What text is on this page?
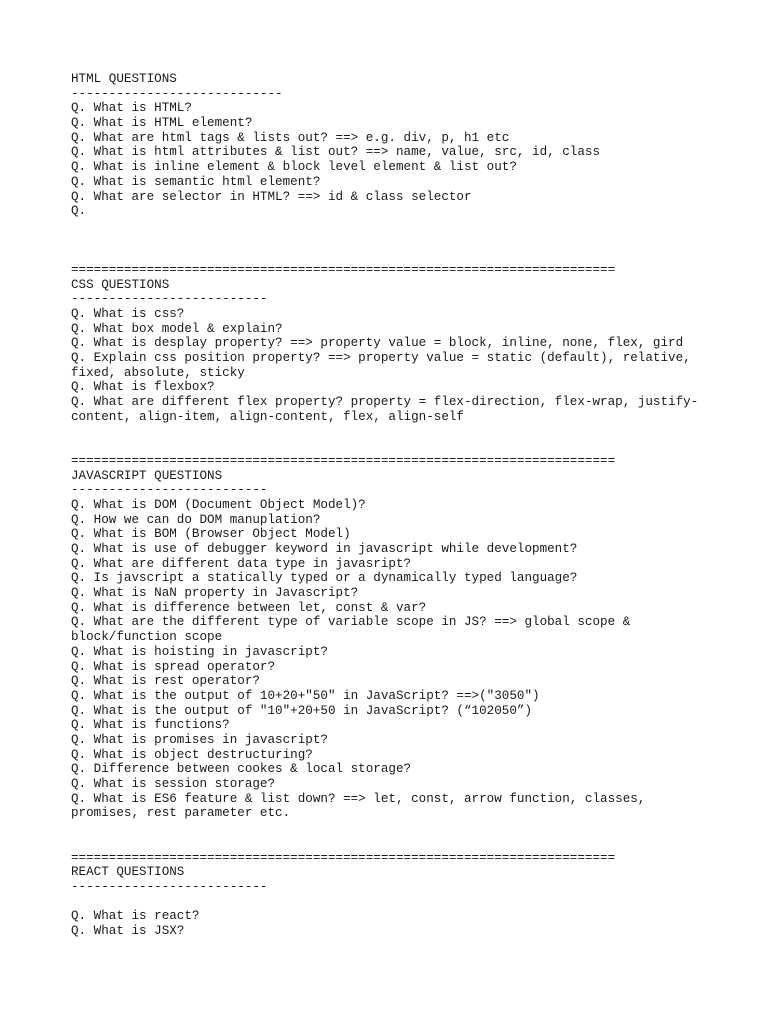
HTML QUESTIONS
----------------------------
Q. What is HTML?
Q. What is HTML element?
Q. What are html tags & lists out? ==> e.g. div, p, h1 etc
Q. What is html attributes & list out? ==> name, value, src, id, class
Q. What is inline element & block level element & list out?
Q. What is semantic html element?
Q. What are selector in HTML? ==> id & class selector
Q.
========================================================================
CSS QUESTIONS
--------------------------
Q. What is css?
Q. What box model & explain?
Q. What is desplay property? ==> property value = block, inline, none, flex, gird
Q. Explain css position property? ==> property value = static (default), relative,
fixed, absolute, sticky
Q. What is flexbox?
Q. What are different flex property? property = flex-direction, flex-wrap, justify-
content, align-item, align-content, flex, align-self
========================================================================
JAVASCRIPT QUESTIONS
--------------------------
Q. What is DOM (Document Object Model)?
Q. How we can do DOM manuplation?
Q. What is BOM (Browser Object Model)
Q. What is use of debugger keyword in javascript while development?
Q. What are different data type in javasript?
Q. Is javscript a statically typed or a dynamically typed language?
Q. What is NaN property in Javascript?
Q. What is difference between let, const & var?
Q. What are the different type of variable scope in JS? ==> global scope &
block/function scope
Q. What is hoisting in javascript?
Q. What is spread operator?
Q. What is rest operator?
Q. What is the output of 10+20+"50" in JavaScript? ==>("3050")
Q. What is the output of "10"+20+50 in JavaScript? (“102050”)
Q. What is functions?
Q. What is promises in javascript?
Q. What is object destructuring?
Q. Difference between cookes & local storage?
Q. What is session storage?
Q. What is ES6 feature & list down? ==> let, const, arrow function, classes,
promises, rest parameter etc.
========================================================================
REACT QUESTIONS
--------------------------
Q. What is react?
Q. What is JSX?
